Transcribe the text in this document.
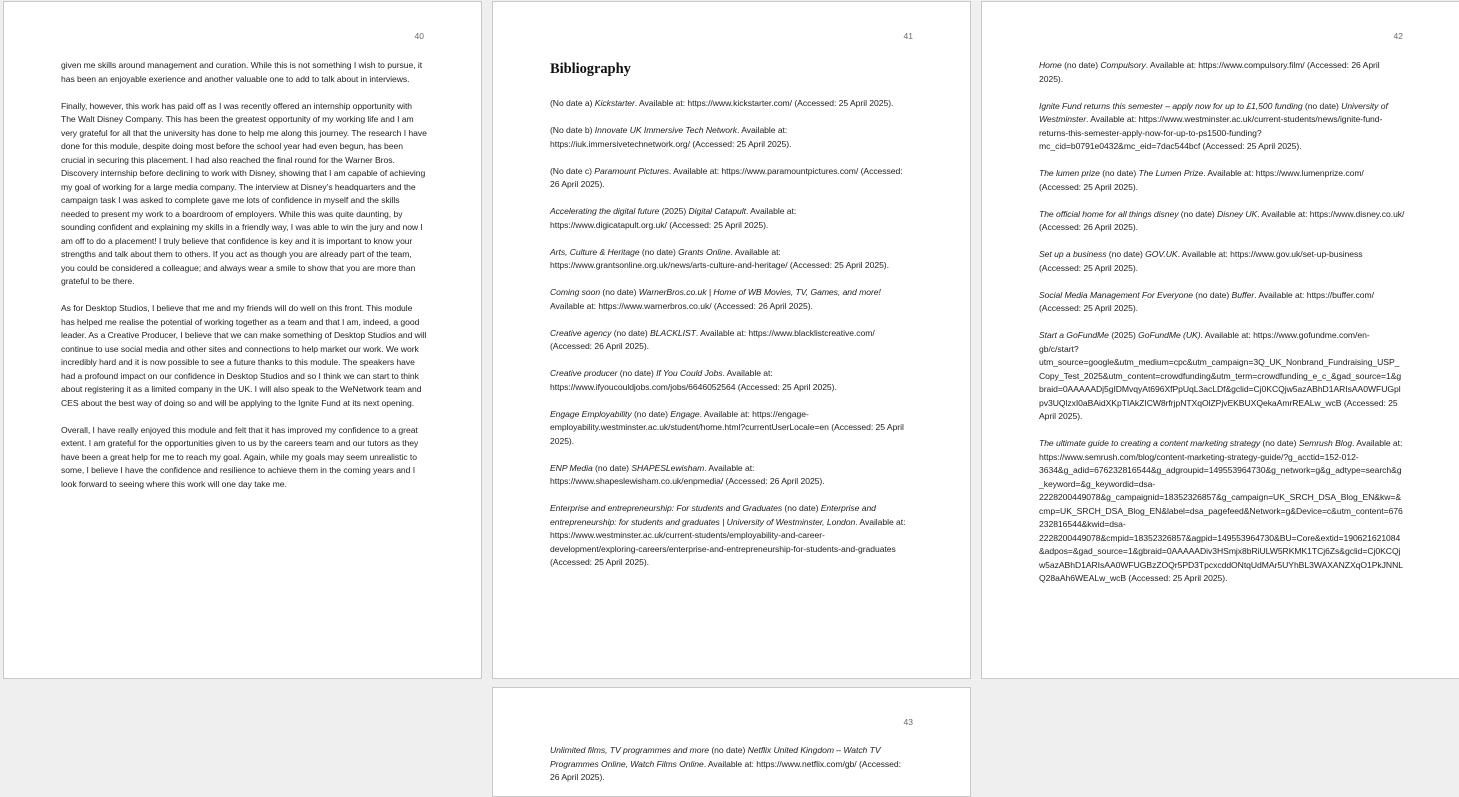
40

given me skills around management and curation. While this is not something I wish to pursue, it has been an enjoyable exerience and another valuable one to add to talk about in interviews.

Finally, however, this work has paid off as I was recently offered an internship opportunity with The Walt Disney Company. This has been the greatest opportunity of my working life and I am very grateful for all that the university has done to help me along this journey. The research I have done for this module, despite doing most before the school year had even begun, has been crucial in securing this placement. I had also reached the final round for the Warner Bros. Discovery internship before declining to work with Disney, showing that I am capable of achieving my goal of working for a large media company. The interview at Disney’s headquarters and the campaign task I was asked to complete gave me lots of confidence in myself and the skills needed to present my work to a boardroom of employers. While this was quite daunting, by sounding confident and explaining my skills in a friendly way, I was able to win the jury and now I am off to do a placement! I truly believe that confidence is key and it is important to know your strengths and talk about them to others. If you act as though you are already part of the team, you could be considered a colleague; and always wear a smile to show that you are more than grateful to be there.

As for Desktop Studios, I believe that me and my friends will do well on this front. This module has helped me realise the potential of working together as a team and that I am, indeed, a good leader. As a Creative Producer, I believe that we can make something of Desktop Studios and will continue to use social media and other sites and connections to help market our work. We work incredibly hard and it is now possible to see a future thanks to this module. The speakers have had a profound impact on our confidence in Desktop Studios and so I think we can start to think about registering it as a limited company in the UK. I will also speak to the WeNetwork team and CES about the best way of doing so and will be applying to the Ignite Fund at its next opening.

Overall, I have really enjoyed this module and felt that it has improved my confidence to a great extent. I am grateful for the opportunities given to us by the careers team and our tutors as they have been a great help for me to reach my goal. Again, while my goals may seem unrealistic to some, I believe I have the confidence and resilience to achieve them in the coming years and I look forward to seeing where this work will one day take me.

41
Bibliography

(No date a) Kickstarter. Available at: https://www.kickstarter.com/ (Accessed: 25 April 2025).

(No date b) Innovate UK Immersive Tech Network. Available at: https://iuk.immersivetechnetwork.org/ (Accessed: 25 April 2025).

(No date c) Paramount Pictures. Available at: https://www.paramountpictures.com/ (Accessed: 26 April 2025).

Accelerating the digital future (2025) Digital Catapult. Available at: https://www.digicatapult.org.uk/ (Accessed: 25 April 2025).

Arts, Culture & Heritage (no date) Grants Online. Available at: https://www.grantsonline.org.uk/news/arts-culture-and-heritage/ (Accessed: 25 April 2025).

Coming soon (no date) WarnerBros.co.uk | Home of WB Movies, TV, Games, and more! Available at: https://www.warnerbros.co.uk/ (Accessed: 26 April 2025).

Creative agency (no date) BLACKLIST. Available at: https://www.blacklistcreative.com/ (Accessed: 26 April 2025).

Creative producer (no date) If You Could Jobs. Available at: https://www.ifyoucouldjobs.com/jobs/6646052564 (Accessed: 25 April 2025).

Engage Employability (no date) Engage. Available at: https://engage-employability.westminster.ac.uk/student/home.html?currentUserLocale=en (Accessed: 25 April 2025).

ENP Media (no date) SHAPESLewisham. Available at: https://www.shapeslewisham.co.uk/enpmedia/ (Accessed: 26 April 2025).

Enterprise and entrepreneurship: For students and Graduates (no date) Enterprise and entrepreneurship: for students and graduates | University of Westminster, London. Available at: https://www.westminster.ac.uk/current-students/employability-and-career-development/exploring-careers/enterprise-and-entrepreneurship-for-students-and-graduates (Accessed: 25 April 2025).

42

Home (no date) Compulsory. Available at: https://www.compulsory.film/ (Accessed: 26 April 2025).

Ignite Fund returns this semester – apply now for up to £1,500 funding (no date) University of Westminster. Available at: https://www.westminster.ac.uk/current-students/news/ignite-fund-returns-this-semester-apply-now-for-up-to-ps1500-funding?mc_cid=b0791e0432&mc_eid=7dac544bcf (Accessed: 25 April 2025).

The lumen prize (no date) The Lumen Prize. Available at: https://www.lumenprize.com/ (Accessed: 25 April 2025).

The official home for all things disney (no date) Disney UK. Available at: https://www.disney.co.uk/ (Accessed: 26 April 2025).

Set up a business (no date) GOV.UK. Available at: https://www.gov.uk/set-up-business (Accessed: 25 April 2025).

Social Media Management For Everyone (no date) Buffer. Available at: https://buffer.com/ (Accessed: 25 April 2025).

Start a GoFundMe (2025) GoFundMe (UK). Available at: https://www.gofundme.com/en-gb/c/start?utm_source=google&utm_medium=cpc&utm_campaign=3Q_UK_Nonbrand_Fundraising_USP_Copy_Test_2025&utm_content=crowdfunding&utm_term=crowdfunding_e_c_&gad_source=1&gbraid=0AAAAADj5gIDMvqyAt696XfPpUqL3acLDf&gclid=Cj0KCQjw5azABhD1ARIsAA0WFUGplpv3UQlzxI0aBAidXKpTIAkZICW8rfrjpNTXqOlZPjvEKBUXQekaAmrREALw_wcB (Accessed: 25 April 2025).

The ultimate guide to creating a content marketing strategy (no date) Semrush Blog. Available at: https://www.semrush.com/blog/content-marketing-strategy-guide/?g_acctid=152-012-3634&g_adid=676232816544&g_adgroupid=149553964730&g_network=g&g_adtype=search&g_keyword=&g_keywordid=dsa-2228200449078&g_campaignid=18352326857&g_campaign=UK_SRCH_DSA_Blog_EN&kw=&cmp=UK_SRCH_DSA_Blog_EN&label=dsa_pagefeed&Network=g&Device=c&utm_content=676232816544&kwid=dsa-2228200449078&cmpid=18352326857&agpid=149553964730&BU=Core&extid=190621621084&adpos=&gad_source=1&gbraid=0AAAAADiv3HSmjx8bRiULW5RKMK1TCj6Zs&gclid=Cj0KCQjw5azABhD1ARIsAA0WFUGBzZOQr5PD3TpcxcddONtqUdMAr5UYhBL3WAXANZXqO1PkJNNLQ28aAh6WEALw_wcB (Accessed: 25 April 2025).

43

Unlimited films, TV programmes and more (no date) Netflix United Kingdom – Watch TV Programmes Online, Watch Films Online. Available at: https://www.netflix.com/gb/ (Accessed: 26 April 2025).
